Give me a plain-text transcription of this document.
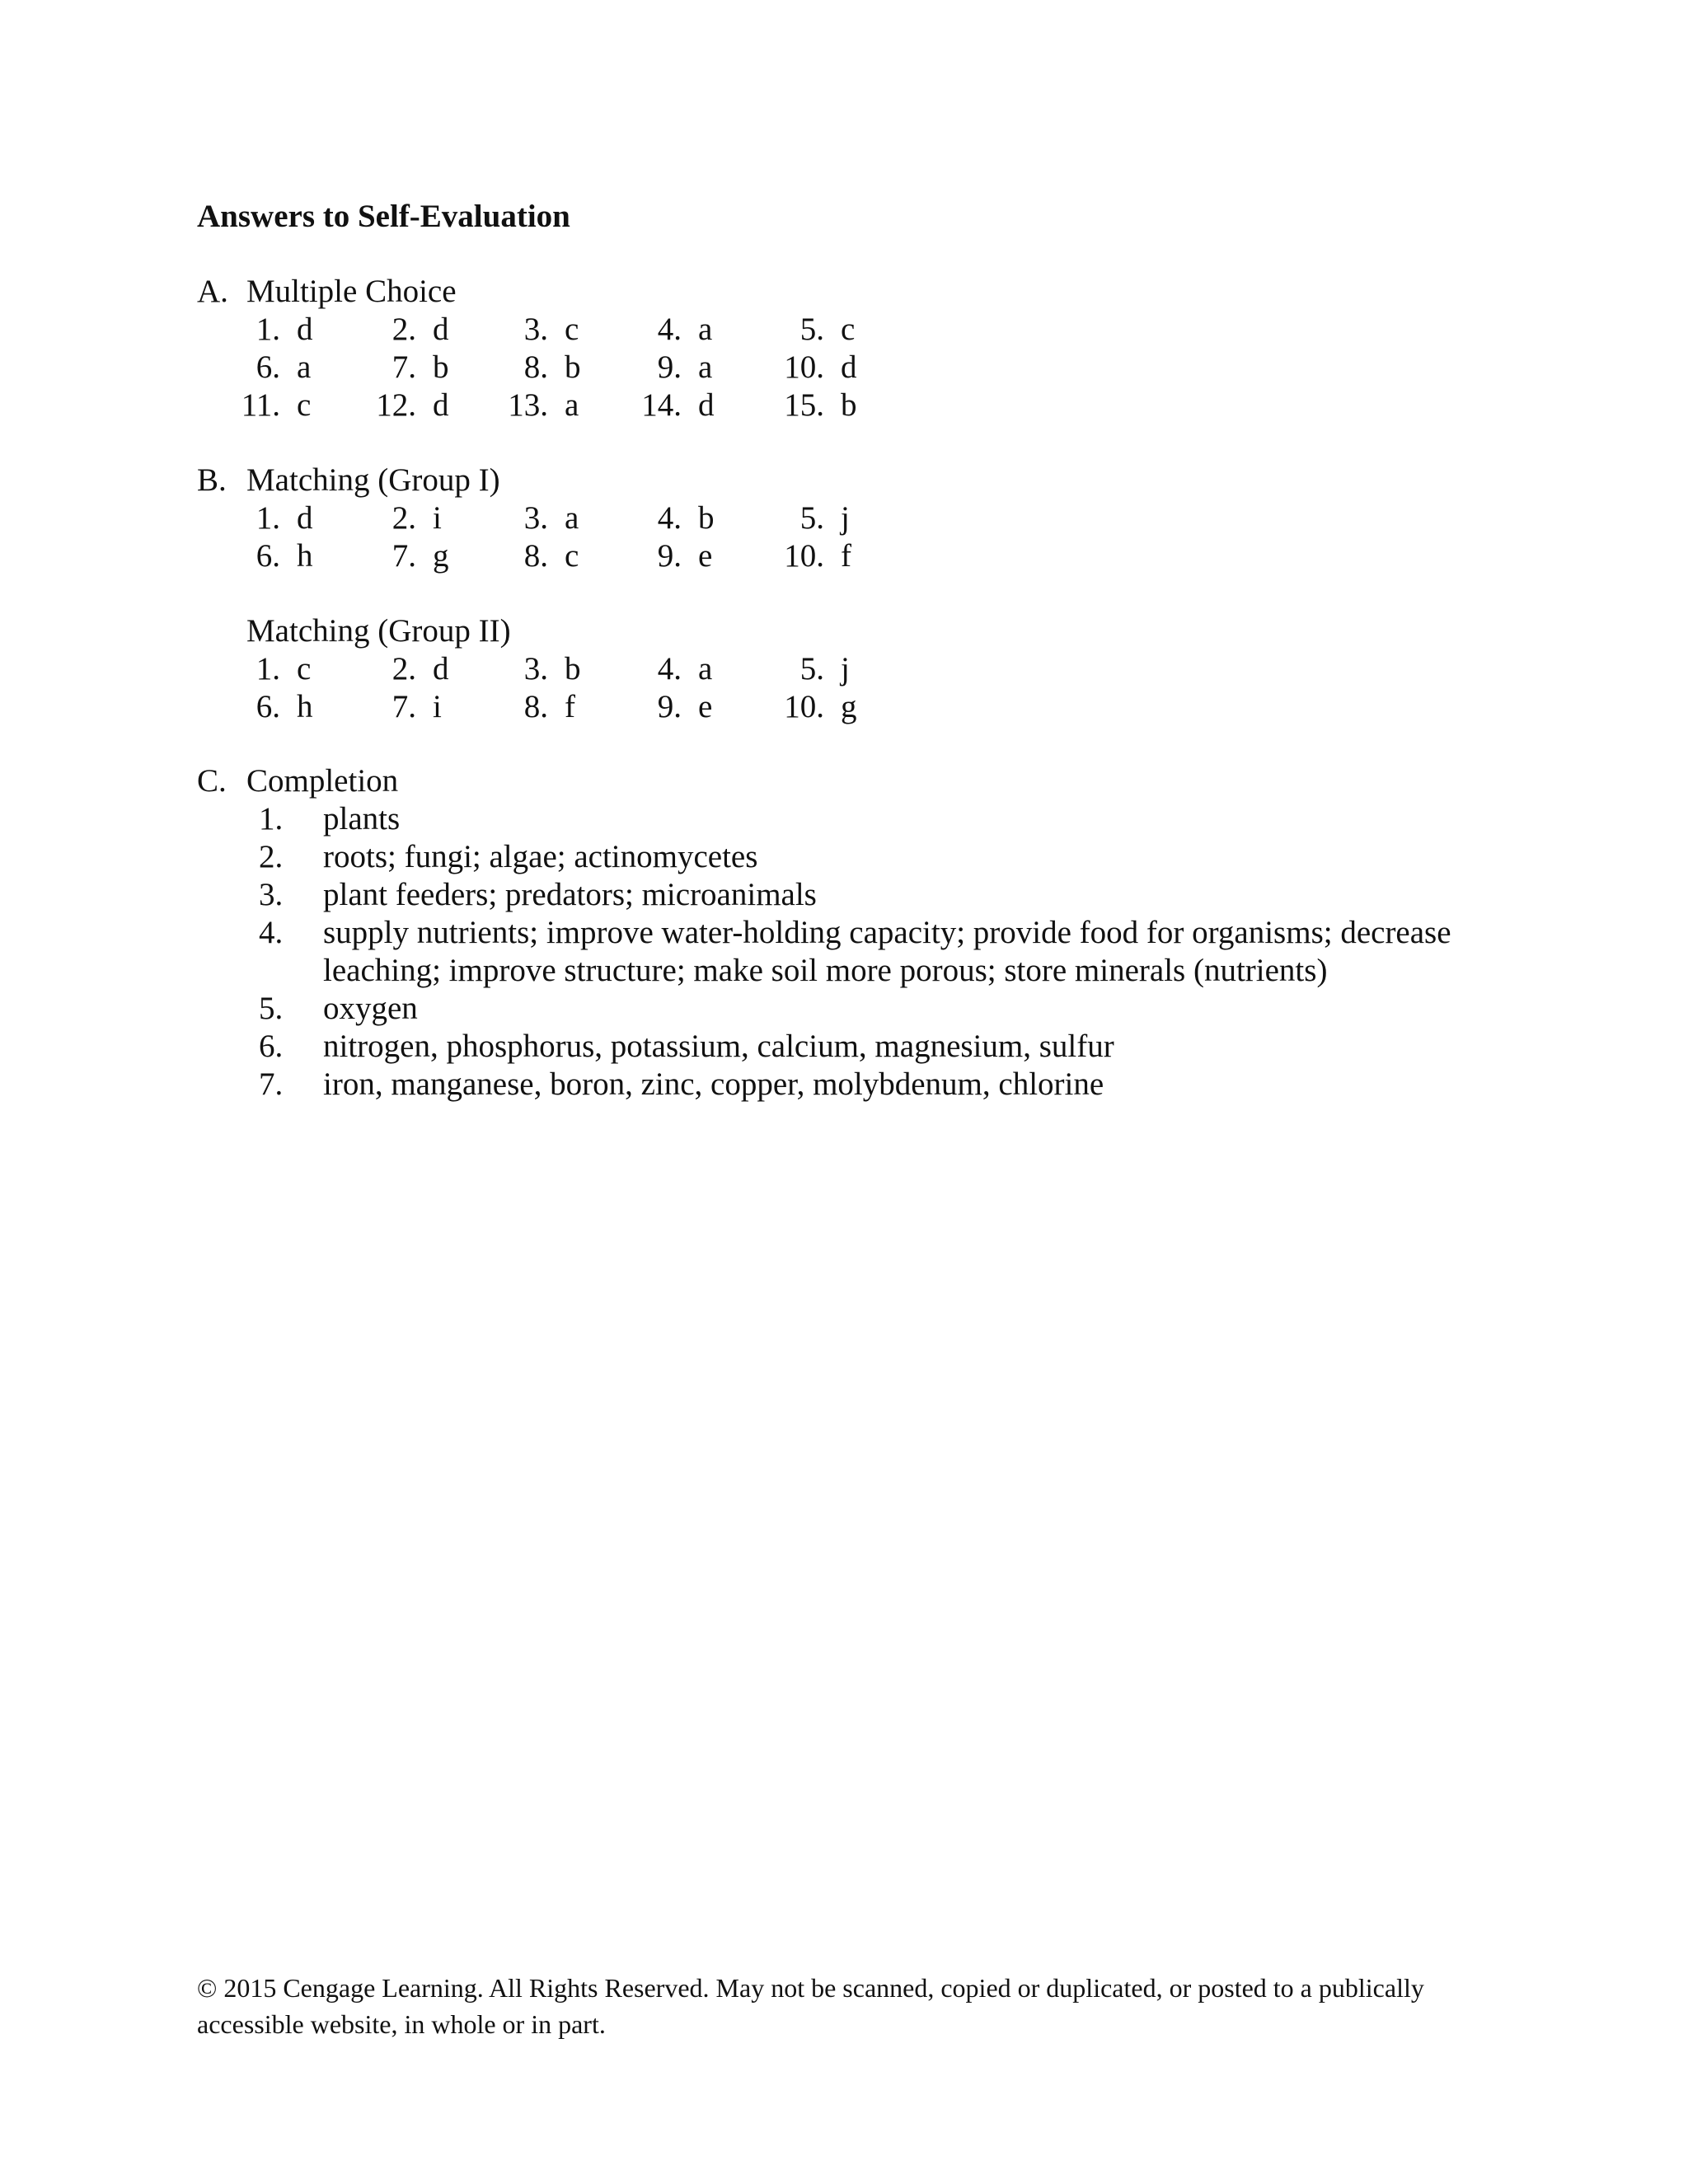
Answers to Self-Evaluation
A. Multiple Choice
1. d	2. d	3. c	4. a	5. c
6. a	7. b	8. b	9. a	10. d
11. c	12. d	13. a	14. d	15. b
B. Matching (Group I)
1. d	2. i	3. a	4. b	5. j
6. h	7. g	8. c	9. e	10. f
Matching (Group II)
1. c	2. d	3. b	4. a	5. j
6. h	7. i	8. f	9. e	10. g
C. Completion
1. plants
2. roots; fungi; algae; actinomycetes
3. plant feeders; predators; microanimals
4. supply nutrients; improve water-holding capacity; provide food for organisms; decrease leaching; improve structure; make soil more porous; store minerals (nutrients)
5. oxygen
6. nitrogen, phosphorus, potassium, calcium, magnesium, sulfur
7. iron, manganese, boron, zinc, copper, molybdenum, chlorine
© 2015 Cengage Learning. All Rights Reserved. May not be scanned, copied or duplicated, or posted to a publically accessible website, in whole or in part.
